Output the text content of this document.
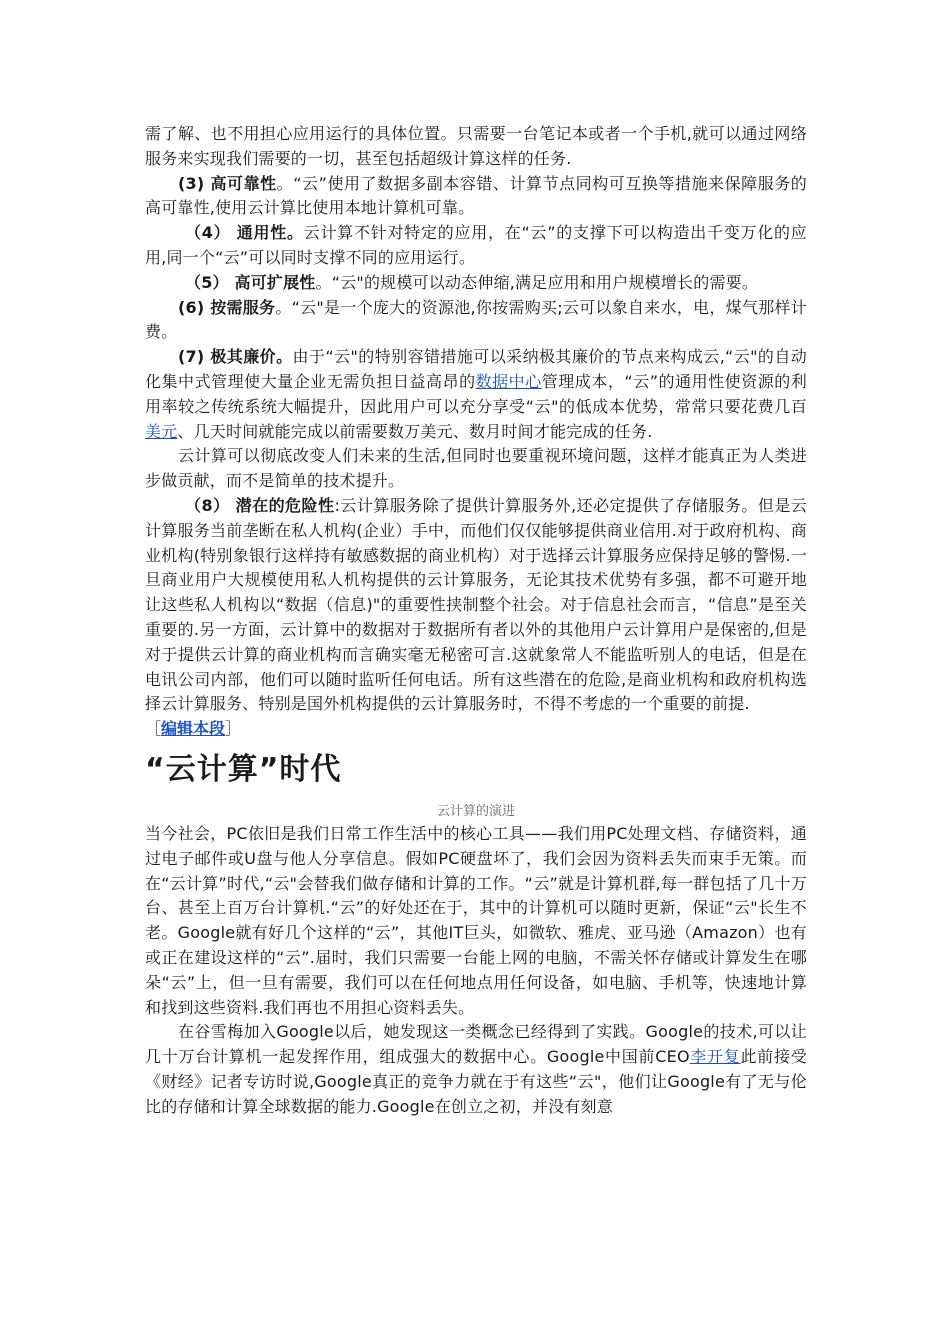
需了解、也不用担心应用运行的具体位置。只需要一台笔记本或者一个手机,就可以通过网络服务来实现我们需要的一切，甚至包括超级计算这样的任务.

(3) 高可靠性。“云”使用了数据多副本容错、计算节点同构可互换等措施来保障服务的高可靠性,使用云计算比使用本地计算机可靠。

（4） 通用性。云计算不针对特定的应用，在“云”的支撑下可以构造出千变万化的应用,同一个“云”可以同时支撑不同的应用运行。

（5） 高可扩展性。“云"的规模可以动态伸缩,满足应用和用户规模增长的需要。

(6) 按需服务。“云"是一个庞大的资源池,你按需购买;云可以象自来水，电，煤气那样计费。

(7) 极其廉价。由于“云"的特别容错措施可以采纳极其廉价的节点来构成云,“云"的自动化集中式管理使大量企业无需负担日益高昂的数据中心管理成本，“云”的通用性使资源的利用率较之传统系统大幅提升，因此用户可以充分享受“云"的低成本优势，常常只要花费几百美元、几天时间就能完成以前需要数万美元、数月时间才能完成的任务.

云计算可以彻底改变人们未来的生活,但同时也要重视环境问题，这样才能真正为人类进步做贡献，而不是简单的技术提升。

（8） 潜在的危险性:云计算服务除了提供计算服务外,还必定提供了存储服务。但是云计算服务当前垄断在私人机构(企业）手中，而他们仅仅能够提供商业信用.对于政府机构、商业机构(特别象银行这样持有敏感数据的商业机构）对于选择云计算服务应保持足够的警惕.一旦商业用户大规模使用私人机构提供的云计算服务，无论其技术优势有多强，都不可避开地让这些私人机构以“数据（信息)"的重要性挟制整个社会。对于信息社会而言，“信息”是至关重要的.另一方面，云计算中的数据对于数据所有者以外的其他用户云计算用户是保密的,但是对于提供云计算的商业机构而言确实毫无秘密可言.这就象常人不能监听别人的电话，但是在电讯公司内部，他们可以随时监听任何电话。所有这些潜在的危险,是商业机构和政府机构选择云计算服务、特别是国外机构提供的云计算服务时，不得不考虑的一个重要的前提.

［编辑本段］

“云计算”时代

云计算的演进

当今社会，PC依旧是我们日常工作生活中的核心工具——我们用PC处理文档、存储资料，通过电子邮件或U盘与他人分享信息。假如PC硬盘坏了，我们会因为资料丢失而束手无策。而在“云计算”时代,“云"会替我们做存储和计算的工作。“云”就是计算机群,每一群包括了几十万台、甚至上百万台计算机.“云”的好处还在于，其中的计算机可以随时更新，保证“云"长生不老。Google就有好几个这样的“云”，其他IT巨头，如微软、雅虎、亚马逊（Amazon）也有或正在建设这样的“云”.届时，我们只需要一台能上网的电脑，不需关怀存储或计算发生在哪朵“云”上，但一旦有需要，我们可以在任何地点用任何设备，如电脑、手机等，快速地计算和找到这些资料.我们再也不用担心资料丢失。

在谷雪梅加入Google以后，她发现这一类概念已经得到了实践。Google的技术,可以让几十万台计算机一起发挥作用，组成强大的数据中心。Google中国前CEO李开复此前接受《财经》记者专访时说,Google真正的竞争力就在于有这些“云"，他们让Google有了无与伦比的存储和计算全球数据的能力.Google在创立之初，并没有刻意
